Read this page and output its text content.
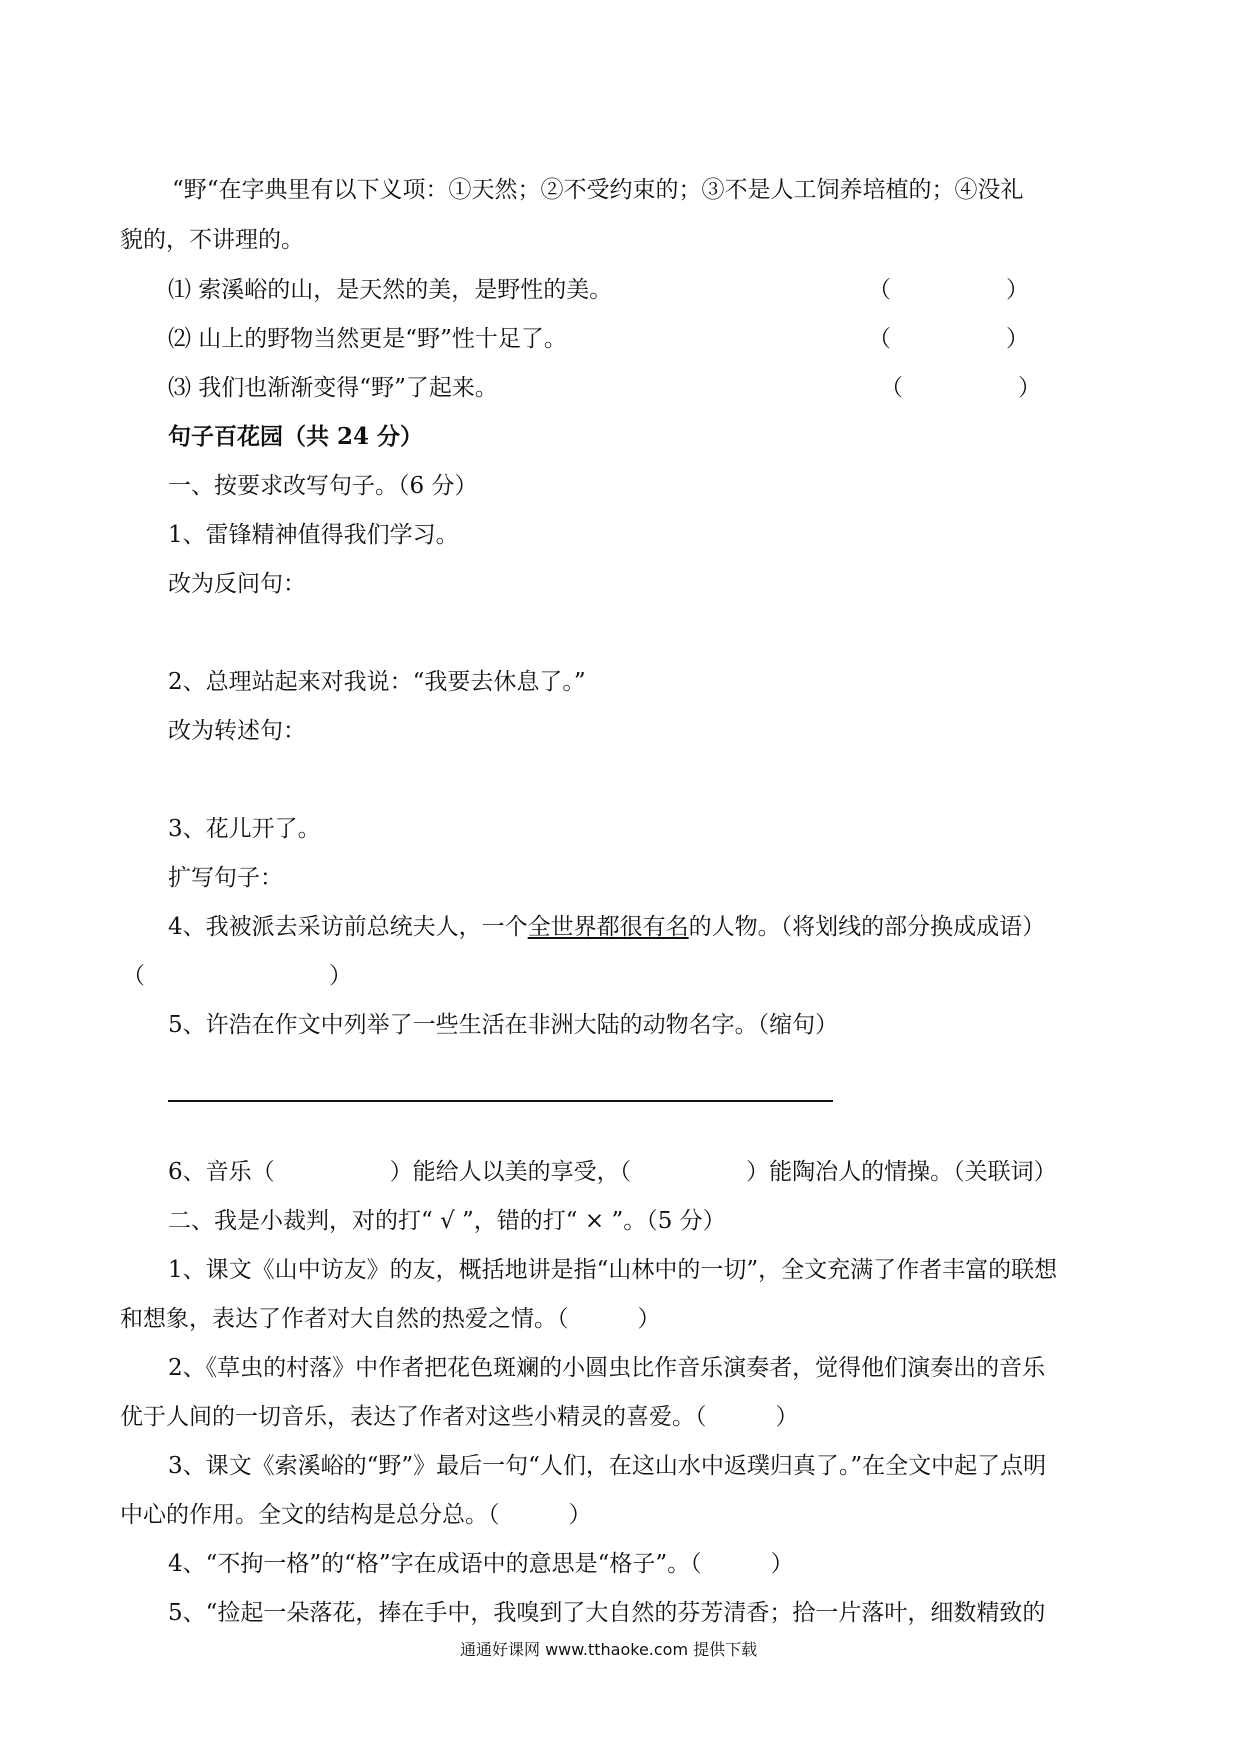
“野“在字典里有以下义项：①天然；②不受约束的；③不是人工饲养培植的；④没礼
貌的，不讲理的。
⑴ 索溪峪的山，是天然的美，是野性的美。	（　　　　　）
⑵ 山上的野物当然更是“野”性十足了。	（　　　　　）
⑶ 我们也渐渐变得“野”了起来。	（　　　　　）
句子百花园（共 24 分）
一、按要求改写句子。（6 分）
1、雷锋精神值得我们学习。
改为反问句：
2、总理站起来对我说：“我要去休息了。”
改为转述句：
3、花儿开了。
扩写句子：
4、我被派去采访前总统夫人，一个全世界都很有名的人物。（将划线的部分换成成语）
（　　　　　　　　）
5、许浩在作文中列举了一些生活在非洲大陆的动物名字。（缩句）
6、音乐（　　　　　）能给人以美的享受，（　　　　　）能陶冶人的情操。（关联词）
二、我是小裁判，对的打“ √ ”，错的打“ × ”。（5 分）
1、课文《山中访友》的友，概括地讲是指“山林中的一切”，全文充满了作者丰富的联想
和想象，表达了作者对大自然的热爱之情。（　　　）
2、《草虫的村落》中作者把花色斑斓的小圆虫比作音乐演奏者，觉得他们演奏出的音乐
优于人间的一切音乐，表达了作者对这些小精灵的喜爱。（　　　）
3、课文《索溪峪的“野”》最后一句“人们，在这山水中返璞归真了。”在全文中起了点明
中心的作用。全文的结构是总分总。（　　　）
4、“不拘一格”的“格”字在成语中的意思是“格子”。（　　　）
5、“捡起一朵落花，捧在手中，我嗅到了大自然的芬芳清香；拾一片落叶，细数精致的
通通好课网 www.tthaoke.com 提供下载
